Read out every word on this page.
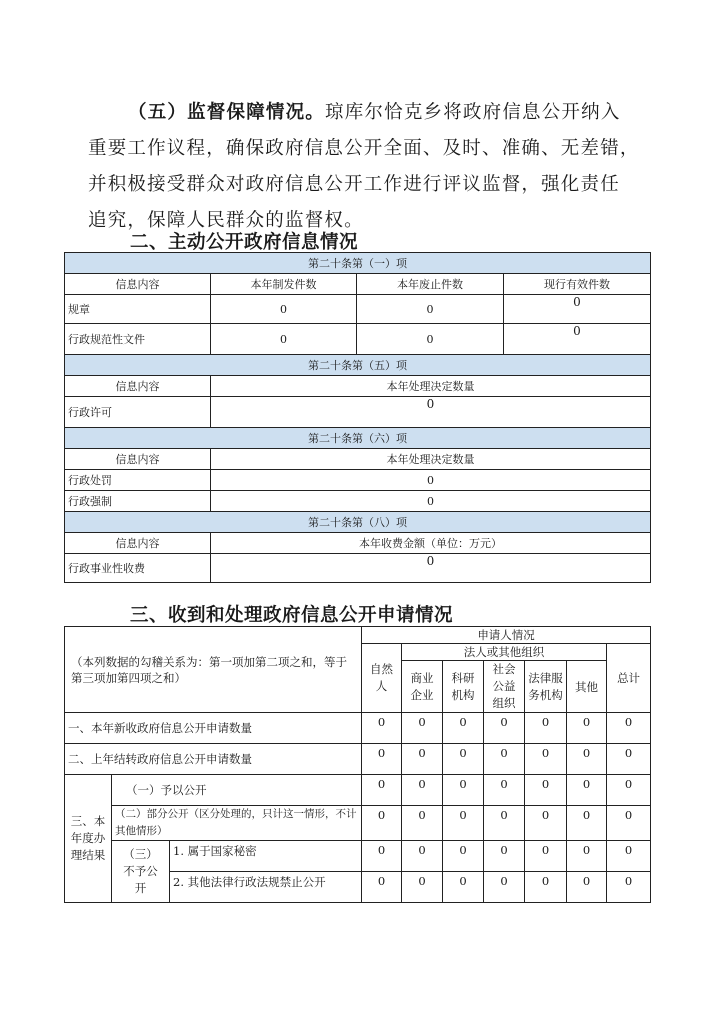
（五）监督保障情况。琼库尔恰克乡将政府信息公开纳入

重要工作议程，确保政府信息公开全面、及时、准确、无差错，

并积极接受群众对政府信息公开工作进行评议监督，强化责任

追究，保障人民群众的监督权。

二、主动公开政府信息情况
第二十条第（一）项			
信息内容	本年制发件数	本年废止件数	现行有效件数
规章	0	0	0
行政规范性文件	0	0	0
第二十条第（五）项			
信息内容	本年处理决定数量		
行政许可	0		
第二十条第（六）项			
信息内容	本年处理决定数量		
行政处罚	0		
行政强制	0		
第二十条第（八）项			
信息内容	本年收费金额（单位：万元）		
行政事业性收费	0		
三、收到和处理政府信息公开申请情况
（本列数据的勾稽关系为：第一项加第二项之和，等于第三项加第四项之和）			申请人情况						
			自然人	法人或其他组织					总计
				商业企业	科研机构	社会公益组织	法律服务机构	其他	
一、本年新收政府信息公开申请数量			0	0	0	0	0	0	0
二、上年结转政府信息公开申请数量			0	0	0	0	0	0	0
三、本年度办理结果	（一）予以公开		0	0	0	0	0	0	0
	（二）部分公开（区分处理的，只计这一情形，不计其他情形）		0	0	0	0	0	0	0
	（三）不予公开	1. 属于国家秘密	0	0	0	0	0	0	0
		2. 其他法律行政法规禁止公开	0	0	0	0	0	0	0
